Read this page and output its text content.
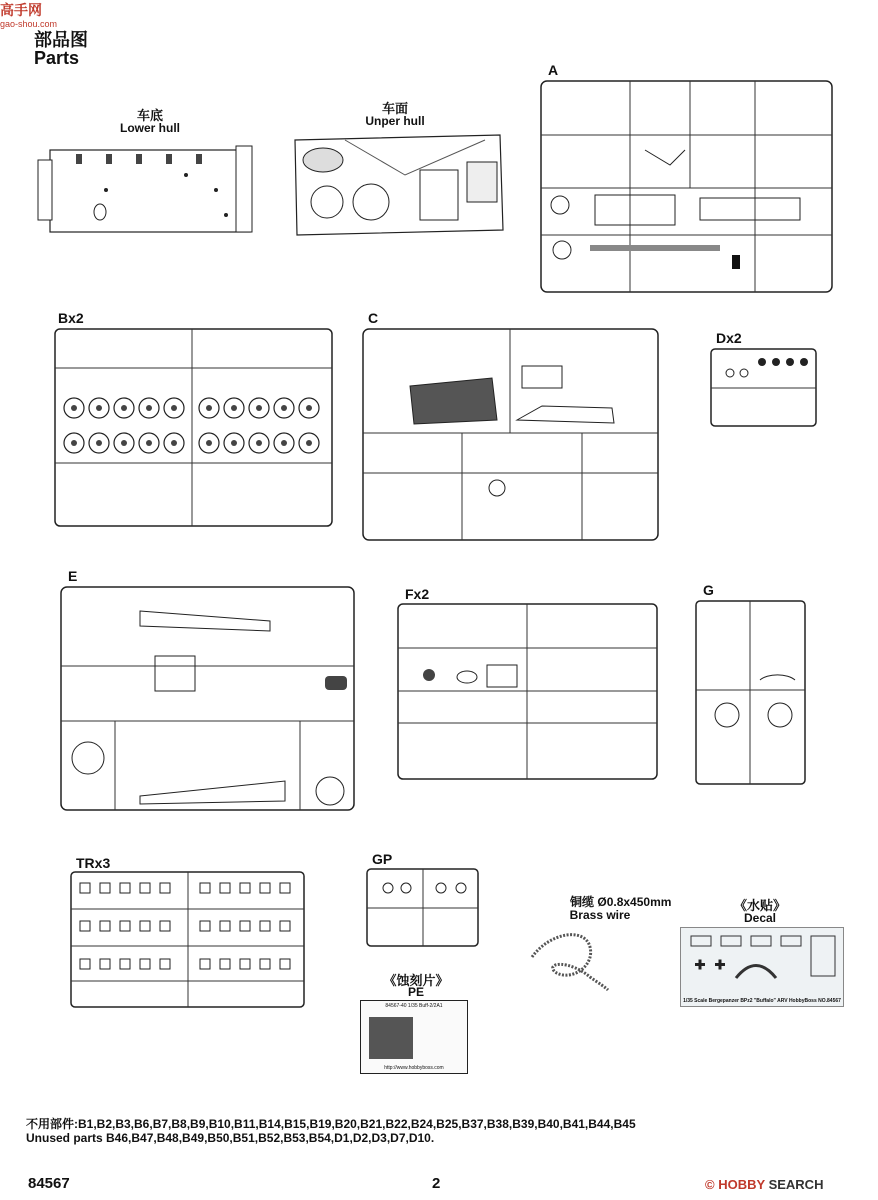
高手网
gao-shou.com
部品图
Parts
车底
Lower hull
车面
Unper hull
A
Bx2	C
Dx2
E
Fx2	G
TRx3	GP
《蚀刻片》
PE
84567-40 1/35 Buff-2/2A1
http://www.hobbyboss.com
铜缆 Ø0.8x450mm
Brass wire
《水贴》
Decal
1/35 Scale Bergepanzer BPz2 "Buffalo" ARV HobbyBoss NO.84567
不用部件:B1,B2,B3,B6,B7,B8,B9,B10,B11,B14,B15,B19,B20,B21,B22,B24,B25,B37,B38,B39,B40,B41,B44,B45
Unused parts B46,B47,B48,B49,B50,B51,B52,B53,B54,D1,D2,D3,D7,D10.
84567	2	© HOBBY SEARCH
